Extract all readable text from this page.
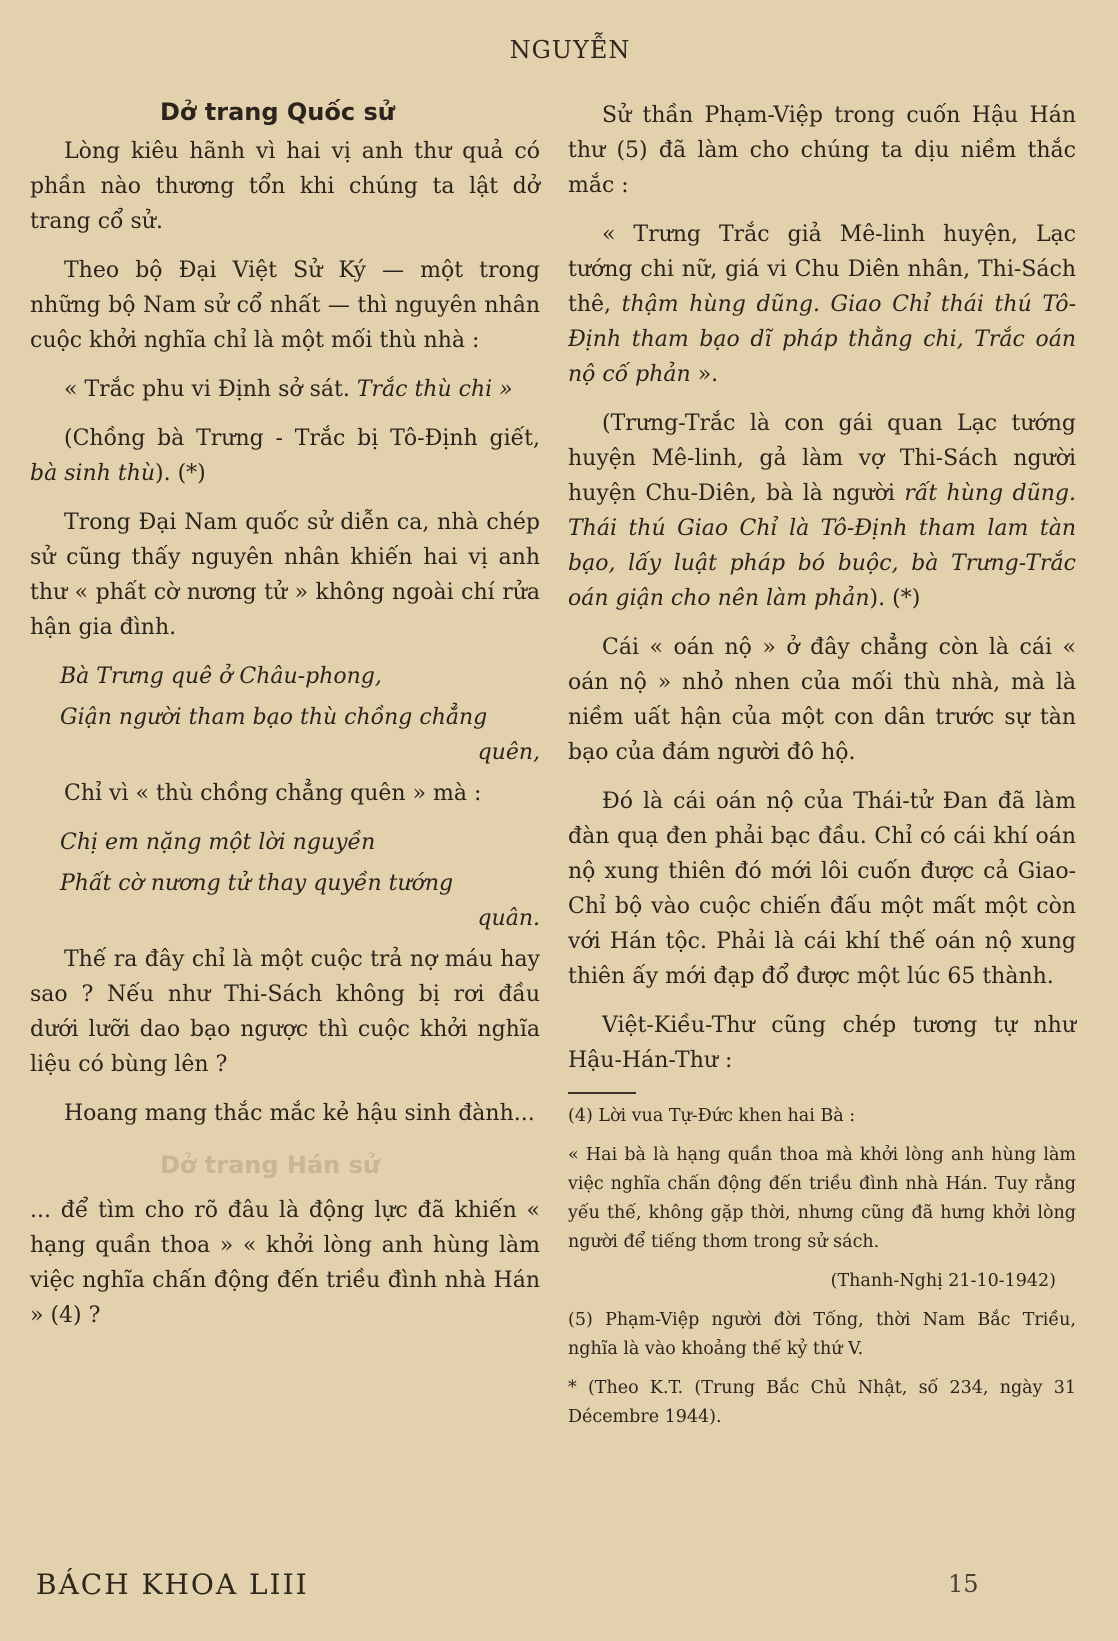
NGUYỄN
Dở trang Quốc sử

Lòng kiêu hãnh vì hai vị anh thư quả có phần nào thương tổn khi chúng ta lật dở trang cổ sử.

Theo bộ Đại Việt Sử Ký — một trong những bộ Nam sử cổ nhất — thì nguyên nhân cuộc khởi nghĩa chỉ là một mối thù nhà :

« Trắc phu vi Định sở sát. Trắc thù chi »

(Chồng bà Trưng - Trắc bị Tô-Định giết, bà sinh thù). (*)

Trong Đại Nam quốc sử diễn ca, nhà chép sử cũng thấy nguyên nhân khiến hai vị anh thư « phất cờ nương tử » không ngoài chí rửa hận gia đình.

Bà Trưng quê ở Châu-phong,
Giận người tham bạo thù chồng chẳng
quên,

Chỉ vì « thù chồng chẳng quên » mà :

Chị em nặng một lời nguyền
Phất cờ nương tử thay quyền tướng
quân.

Thế ra đây chỉ là một cuộc trả nợ máu hay sao ? Nếu như Thi-Sách không bị rơi đầu dưới lưỡi dao bạo ngược thì cuộc khởi nghĩa liệu có bùng lên ?

Hoang mang thắc mắc kẻ hậu sinh đành...

Dở trang Hán sử

... để tìm cho rõ đâu là động lực đã khiến « hạng quần thoa » « khởi lòng anh hùng làm việc nghĩa chấn động đến triều đình nhà Hán » (4) ?

Sử thần Phạm-Việp trong cuốn Hậu Hán thư (5) đã làm cho chúng ta dịu niềm thắc mắc :

« Trưng Trắc giả Mê-linh huyện, Lạc tướng chi nữ, giá vi Chu Diên nhân, Thi-Sách thê, thậm hùng dũng. Giao Chỉ thái thú Tô-Định tham bạo dĩ pháp thằng chi, Trắc oán nộ cố phản ».

(Trưng-Trắc là con gái quan Lạc tướng huyện Mê-linh, gả làm vợ Thi-Sách người huyện Chu-Diên, bà là người rất hùng dũng. Thái thú Giao Chỉ là Tô-Định tham lam tàn bạo, lấy luật pháp bó buộc, bà Trưng-Trắc oán giận cho nên làm phản). (*)

Cái « oán nộ » ở đây chẳng còn là cái « oán nộ » nhỏ nhen của mối thù nhà, mà là niềm uất hận của một con dân trước sự tàn bạo của đám người đô hộ.

Đó là cái oán nộ của Thái-tử Đan đã làm đàn quạ đen phải bạc đầu. Chỉ có cái khí oán nộ xung thiên đó mới lôi cuốn được cả Giao-Chỉ bộ vào cuộc chiến đấu một mất một còn với Hán tộc. Phải là cái khí thế oán nộ xung thiên ấy mới đạp đổ được một lúc 65 thành.

Việt-Kiều-Thư cũng chép tương tự như Hậu-Hán-Thư :

(4) Lời vua Tự-Đức khen hai Bà :

« Hai bà là hạng quần thoa mà khởi lòng anh hùng làm việc nghĩa chấn động đến triều đình nhà Hán. Tuy rằng yếu thế, không gặp thời, nhưng cũng đã hưng khởi lòng người để tiếng thơm trong sử sách.

(Thanh-Nghị 21-10-1942)

(5) Phạm-Việp người đời Tống, thời Nam Bắc Triều, nghĩa là vào khoảng thế kỷ thứ V.

* (Theo K.T. (Trung Bắc Chủ Nhật, số 234, ngày 31 Décembre 1944).

BÁCH KHOA LIII	15
